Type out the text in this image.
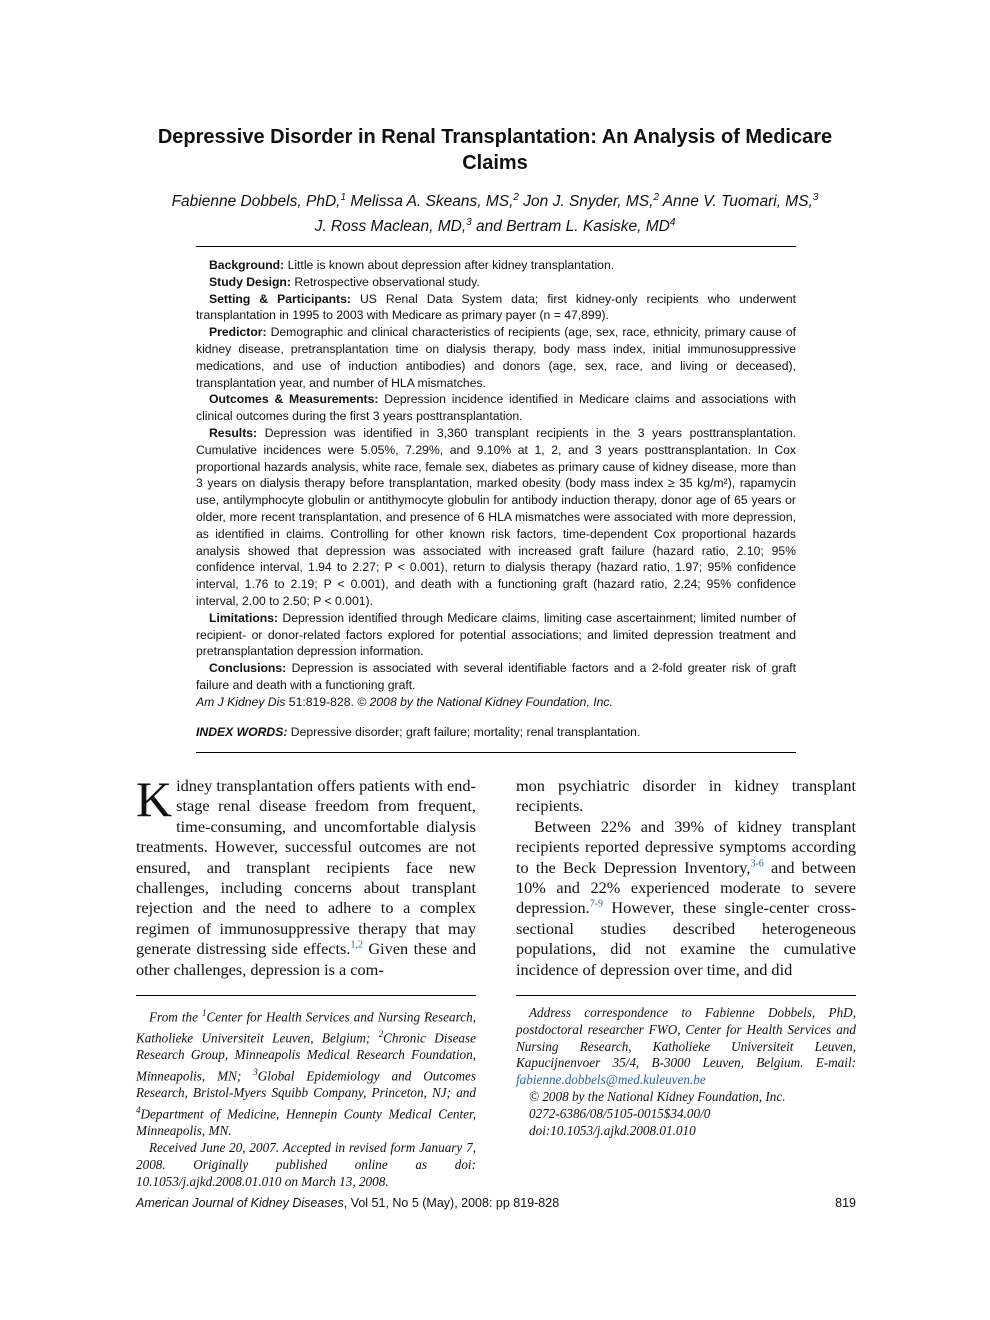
Depressive Disorder in Renal Transplantation: An Analysis of Medicare Claims
Fabienne Dobbels, PhD,$^1$ Melissa A. Skeans, MS,$^2$ Jon J. Snyder, MS,$^2$ Anne V. Tuomari, MS,$^3$
J. Ross Maclean, MD,$^3$ and Bertram L. Kasiske, $MD^4$

Background: Little is known about depression after kidney transplantation.

Study Design: Retrospective observational study.

Setting & Participants: US Renal Data System data; first kidney-only recipients who underwent transplantation in 1995 to 2003 with Medicare as primary payer (n = 47,899).

Predictor: Demographic and clinical characteristics of recipients (age, sex, race, ethnicity, primary cause of kidney disease, pretransplantation time on dialysis therapy, body mass index, initial immunosuppressive medications, and use of induction antibodies) and donors (age, sex, race, and living or deceased), transplantation year, and number of HLA mismatches.

Outcomes & Measurements: Depression incidence identified in Medicare claims and associations with clinical outcomes during the first 3 years posttransplantation.

Results: Depression was identified in 3,360 transplant recipients in the 3 years posttransplantation. Cumulative incidences were 5.05%, 7.29%, and 9.10% at 1, 2, and 3 years posttransplantation. In Cox proportional hazards analysis, white race, female sex, diabetes as primary cause of kidney disease, more than 3 years on dialysis therapy before transplantation, marked obesity (body mass index ≥ 35 kg/m²), rapamycin use, antilymphocyte globulin or antithymocyte globulin for antibody induction therapy, donor age of 65 years or older, more recent transplantation, and presence of 6 HLA mismatches were associated with more depression, as identified in claims. Controlling for other known risk factors, time-dependent Cox proportional hazards analysis showed that depression was associated with increased graft failure (hazard ratio, 2.10; 95% confidence interval, 1.94 to 2.27; P < 0.001), return to dialysis therapy (hazard ratio, 1.97; 95% confidence interval, 1.76 to 2.19; P < 0.001), and death with a functioning graft (hazard ratio, 2.24; 95% confidence interval, 2.00 to 2.50; P < 0.001).

Limitations: Depression identified through Medicare claims, limiting case ascertainment; limited number of recipient- or donor-related factors explored for potential associations; and limited depression treatment and pretransplantation depression information.

Conclusions: Depression is associated with several identifiable factors and a 2-fold greater risk of graft failure and death with a functioning graft.

Am J Kidney Dis 51:819-828. © 2008 by the National Kidney Foundation, Inc.

INDEX WORDS: Depressive disorder; graft failure; mortality; renal transplantation.

Kidney transplantation offers patients with end-stage renal disease freedom from frequent, time-consuming, and uncomfortable dialysis treatments. However, successful outcomes are not ensured, and transplant recipients face new challenges, including concerns about transplant rejection and the need to adhere to a complex regimen of immunosuppressive therapy that may generate distressing side effects.$^{1,2}$ Given these and other challenges, depression is a com-

mon psychiatric disorder in kidney transplant recipients.

Between 22% and 39% of kidney transplant recipients reported depressive symptoms according to the Beck Depression Inventory,$^{3-6}$ and between 10% and 22% experienced moderate to severe depression.$^{7-9}$ However, these single-center cross-sectional studies described heterogeneous populations, did not examine the cumulative incidence of depression over time, and did

From the $^1$Center for Health Services and Nursing Research, Katholieke Universiteit Leuven, Belgium; $^2$Chronic Disease Research Group, Minneapolis Medical Research Foundation, Minneapolis, MN; $^3$Global Epidemiology and Outcomes Research, Bristol-Myers Squibb Company, Princeton, NJ; and $^4$Department of Medicine, Hennepin County Medical Center, Minneapolis, MN.

Received June 20, 2007. Accepted in revised form January 7, 2008. Originally published online as doi: 10.1053/j.ajkd.2008.01.010 on March 13, 2008.

Address correspondence to Fabienne Dobbels, PhD, postdoctoral researcher FWO, Center for Health Services and Nursing Research, Katholieke Universiteit Leuven, Kapucijnenvoer 35/4, B-3000 Leuven, Belgium. E-mail: fabienne.dobbels@med.kuleuven.be

© 2008 by the National Kidney Foundation, Inc.

0272-6386/08/5105-0015$34.00/0

doi:10.1053/j.ajkd.2008.01.010

American Journal of Kidney Diseases, Vol 51, No 5 (May), 2008: pp 819-828	819
